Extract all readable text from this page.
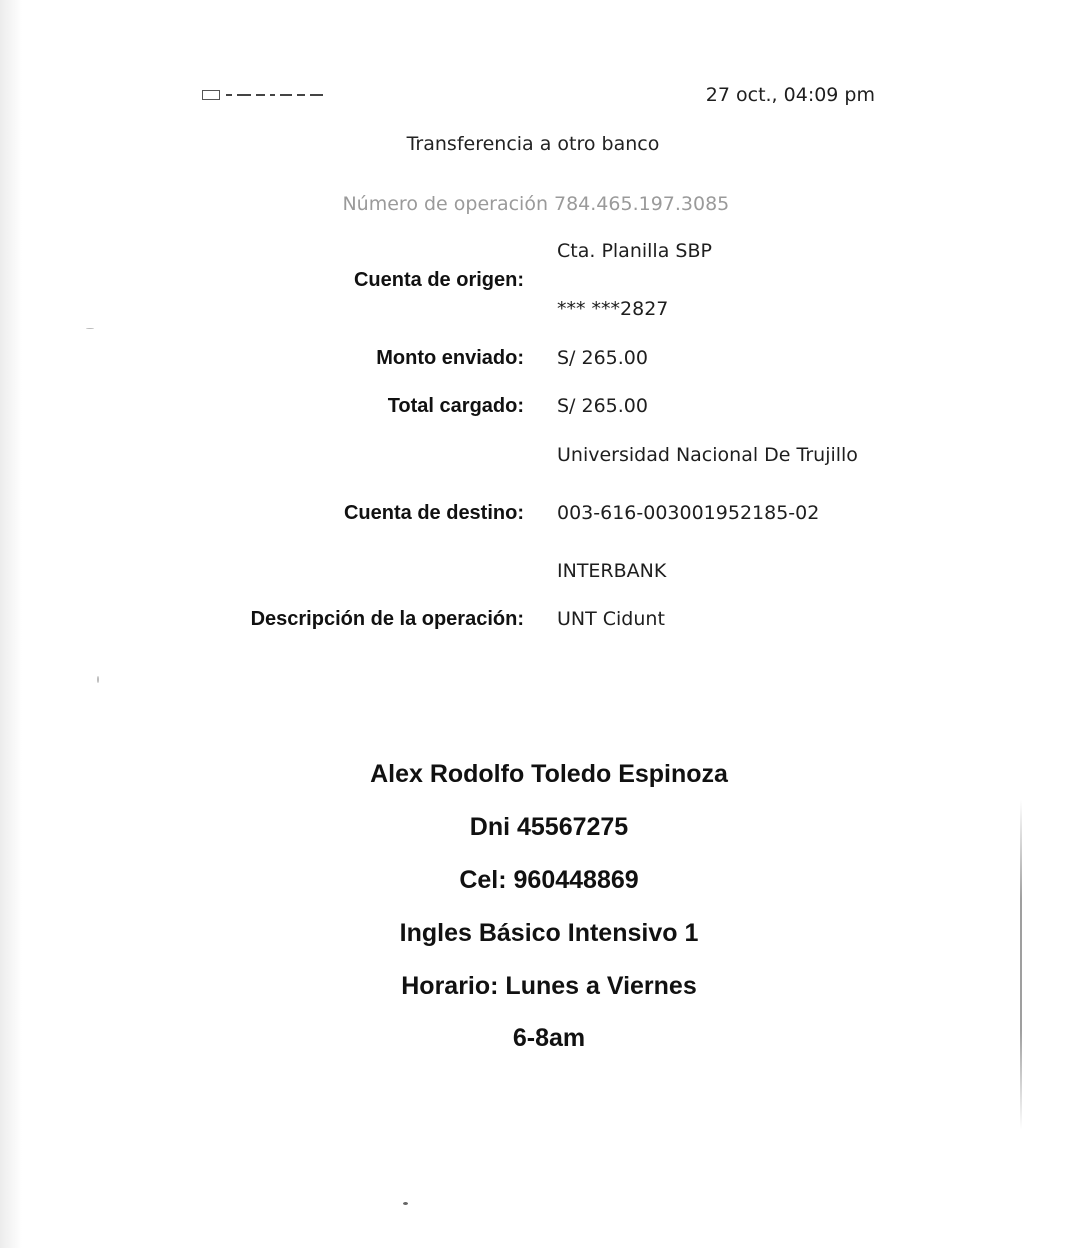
27 oct., 04:09 pm
Transferencia a otro banco
Número de operación 784.465.197.3085
Cta. Planilla SBP
Cuenta de origen:
*** ***2827
Monto enviado: S/ 265.00
Total cargado: S/ 265.00
Universidad Nacional De Trujillo
Cuenta de destino: 003-616-003001952185-02
INTERBANK
Descripción de la operación: UNT Cidunt
Alex Rodolfo Toledo Espinoza
Dni 45567275
Cel: 960448869
Ingles Básico Intensivo 1
Horario: Lunes a Viernes
6-8am
